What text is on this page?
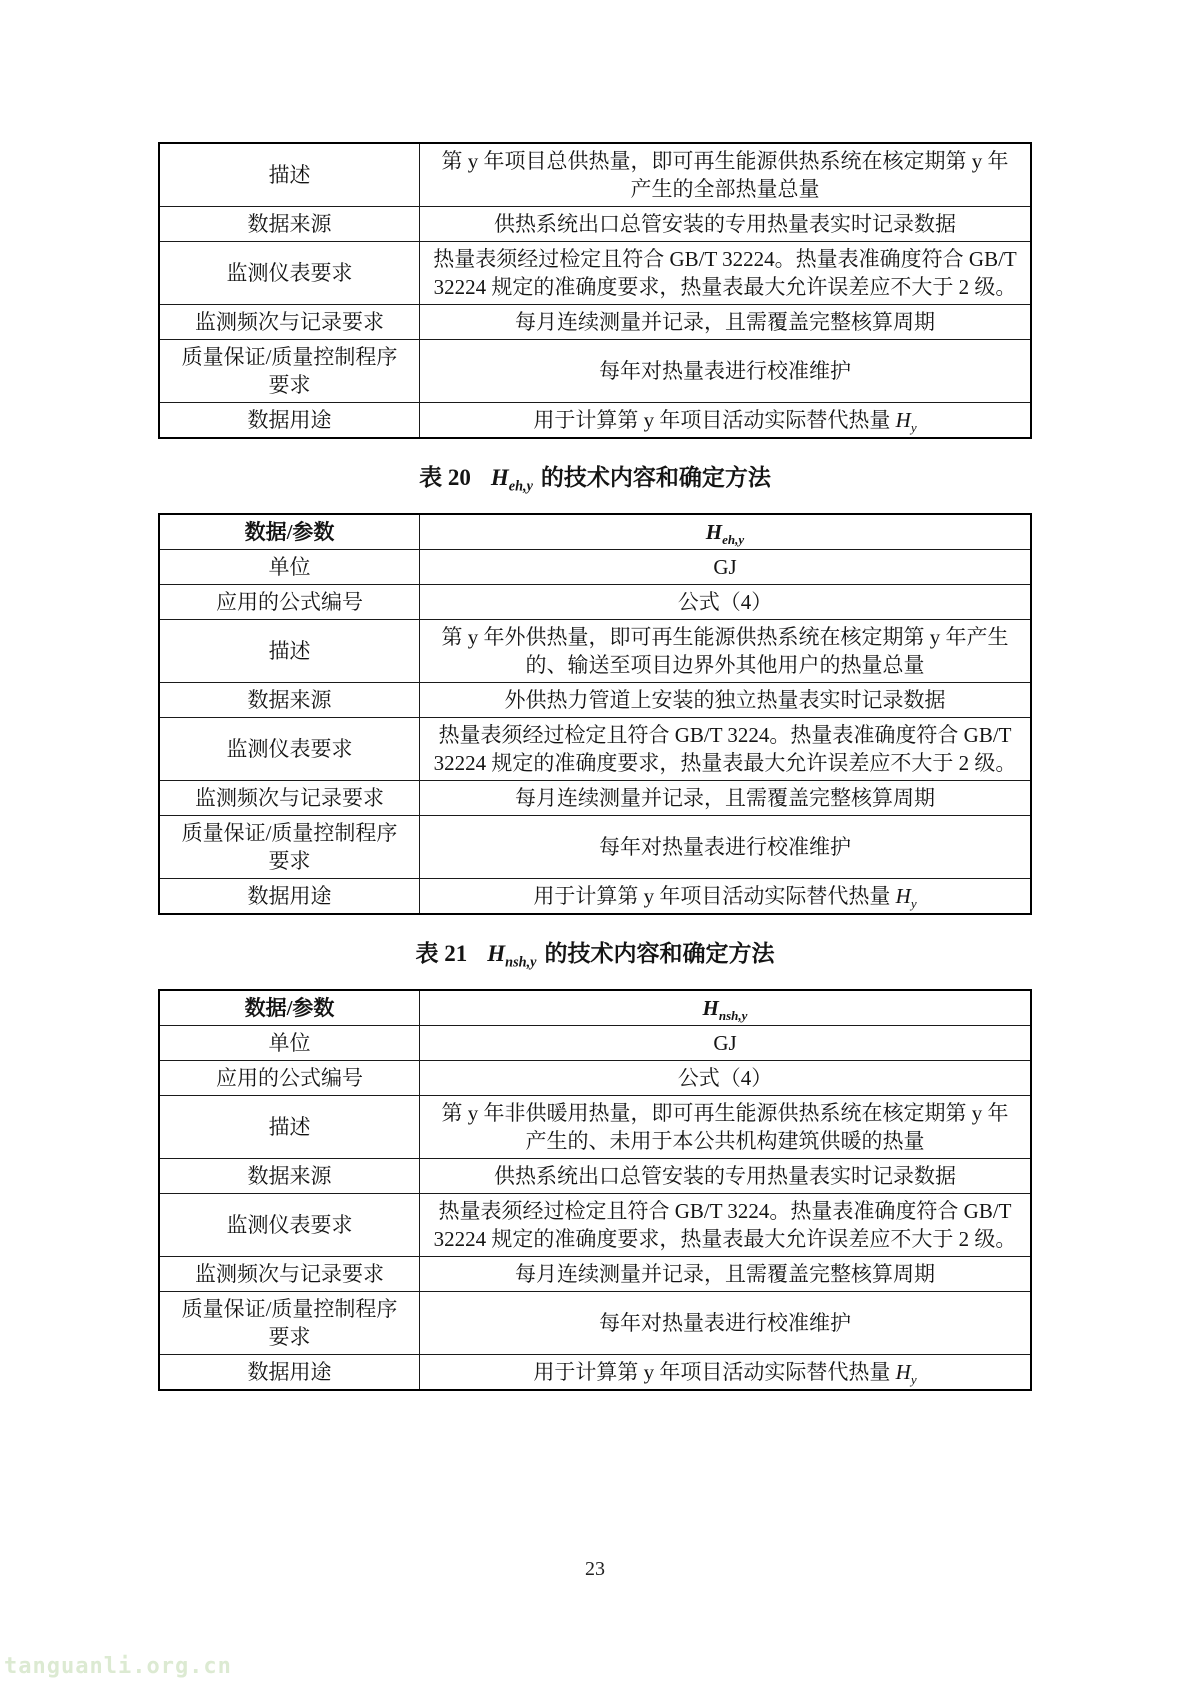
描述	第 y 年项目总供热量，即可再生能源供热系统在核定期第 y 年产生的全部热量总量
数据来源	供热系统出口总管安装的专用热量表实时记录数据
监测仪表要求	热量表须经过检定且符合 GB/T 32224。热量表准确度符合 GB/T 32224 规定的准确度要求，热量表最大允许误差应不大于 2 级。
监测频次与记录要求	每月连续测量并记录，且需覆盖完整核算周期
质量保证/质量控制程序要求	每年对热量表进行校准维护
数据用途	用于计算第 y 年项目活动实际替代热量 $H_y$
表 20 $H_{eh,y}$ 的技术内容和确定方法
数据/参数	$H_{eh,y}$
单位	GJ
应用的公式编号	公式（4）
描述	第 y 年外供热量，即可再生能源供热系统在核定期第 y 年产生的、输送至项目边界外其他用户的热量总量
数据来源	外供热力管道上安装的独立热量表实时记录数据
监测仪表要求	热量表须经过检定且符合 GB/T 3224。热量表准确度符合 GB/T 32224 规定的准确度要求，热量表最大允许误差应不大于 2 级。
监测频次与记录要求	每月连续测量并记录，且需覆盖完整核算周期
质量保证/质量控制程序要求	每年对热量表进行校准维护
数据用途	用于计算第 y 年项目活动实际替代热量 $H_y$
表 21 $H_{nsh,y}$ 的技术内容和确定方法
数据/参数	$H_{nsh,y}$
单位	GJ
应用的公式编号	公式（4）
描述	第 y 年非供暖用热量，即可再生能源供热系统在核定期第 y 年产生的、未用于本公共机构建筑供暖的热量
数据来源	供热系统出口总管安装的专用热量表实时记录数据
监测仪表要求	热量表须经过检定且符合 GB/T 3224。热量表准确度符合 GB/T 32224 规定的准确度要求，热量表最大允许误差应不大于 2 级。
监测频次与记录要求	每月连续测量并记录，且需覆盖完整核算周期
质量保证/质量控制程序要求	每年对热量表进行校准维护
数据用途	用于计算第 y 年项目活动实际替代热量 $H_y$
23
tanguanli.org.cn
